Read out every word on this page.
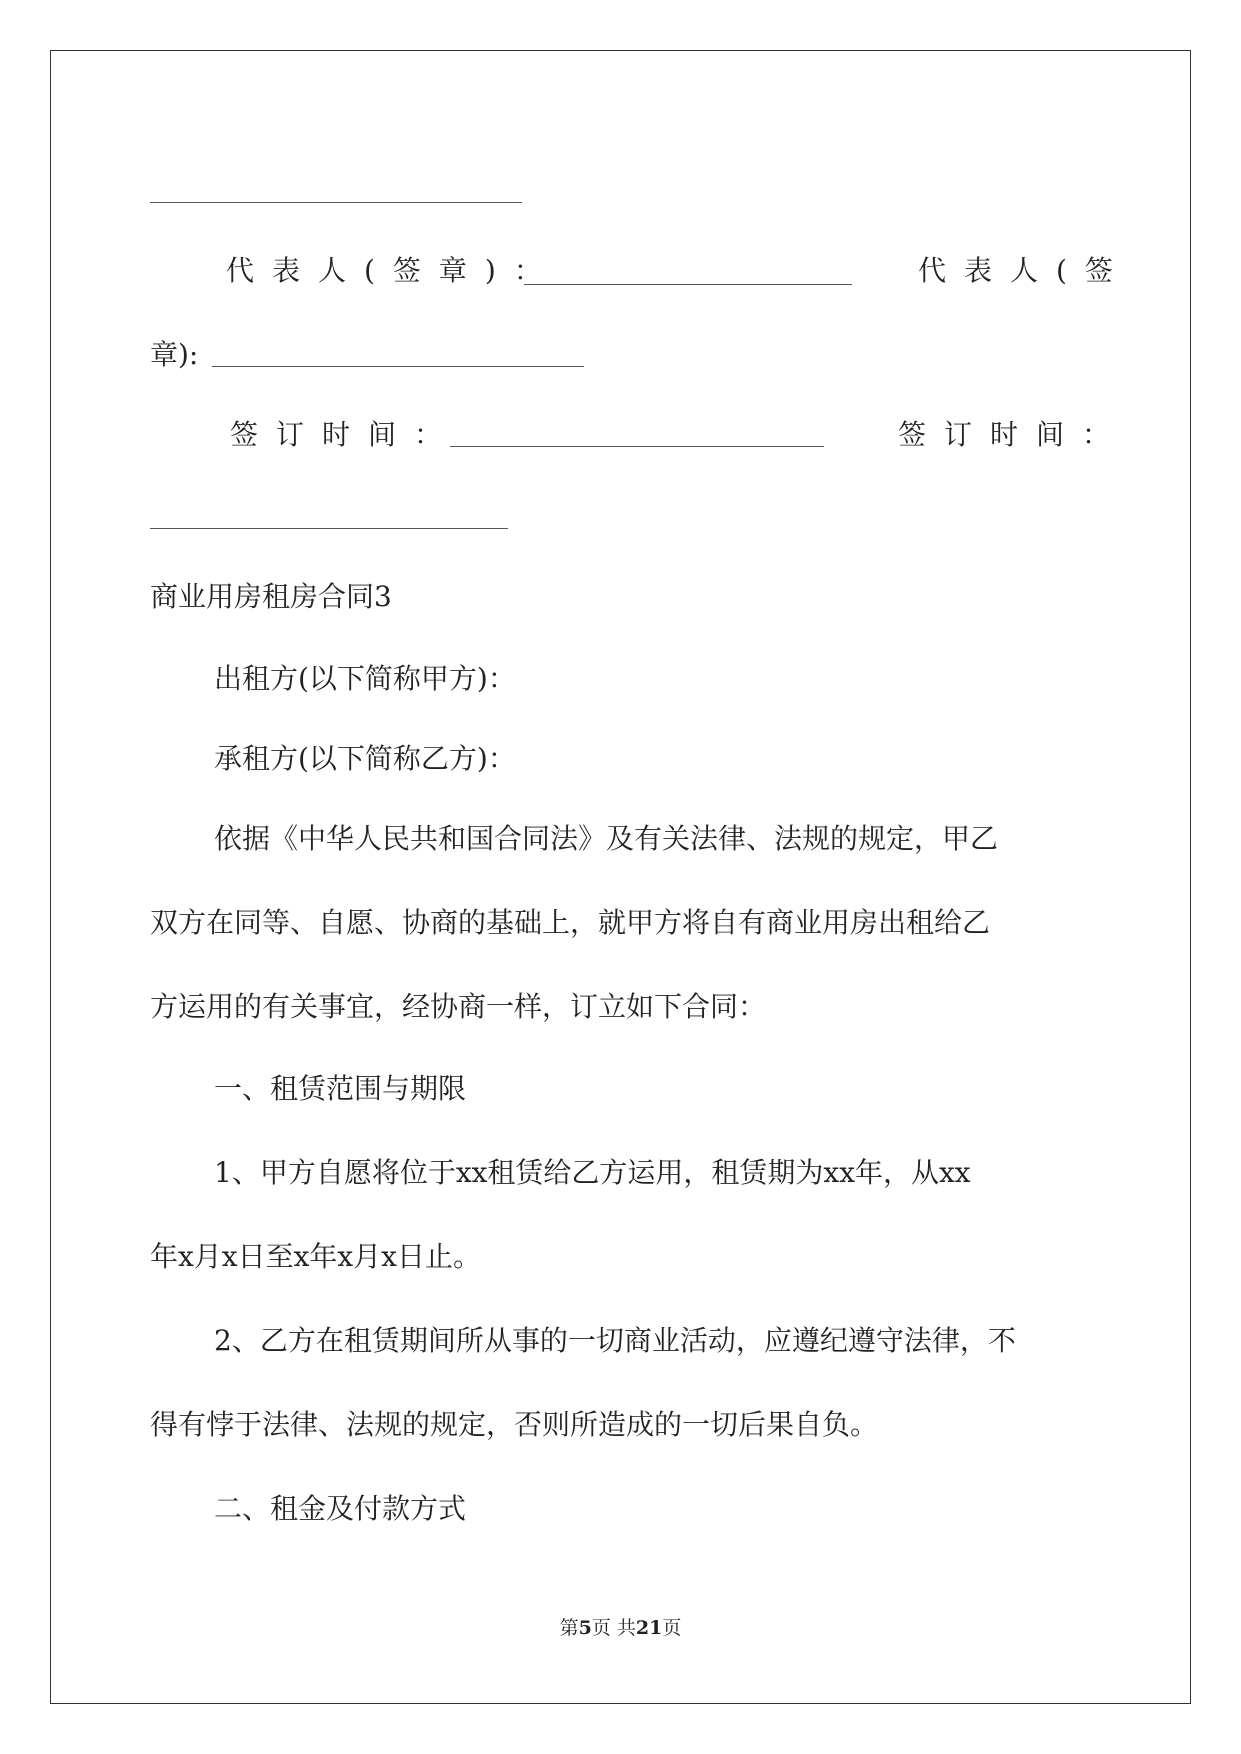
代表人(签章)：	代表人(签
章):
签订时间：	签订时间：
商业用房租房合同3
出租方(以下简称甲方)：
承租方(以下简称乙方)：
依据《中华人民共和国合同法》及有关法律、法规的规定，甲乙
双方在同等、自愿、协商的基础上，就甲方将自有商业用房出租给乙
方运用的有关事宜，经协商一样，订立如下合同：
一、租赁范围与期限
1、甲方自愿将位于xx租赁给乙方运用，租赁期为xx年，从xx
年x月x日至x年x月x日止。
2、乙方在租赁期间所从事的一切商业活动，应遵纪遵守法律，不
得有悖于法律、法规的规定，否则所造成的一切后果自负。
二、租金及付款方式
第5页 共21页
